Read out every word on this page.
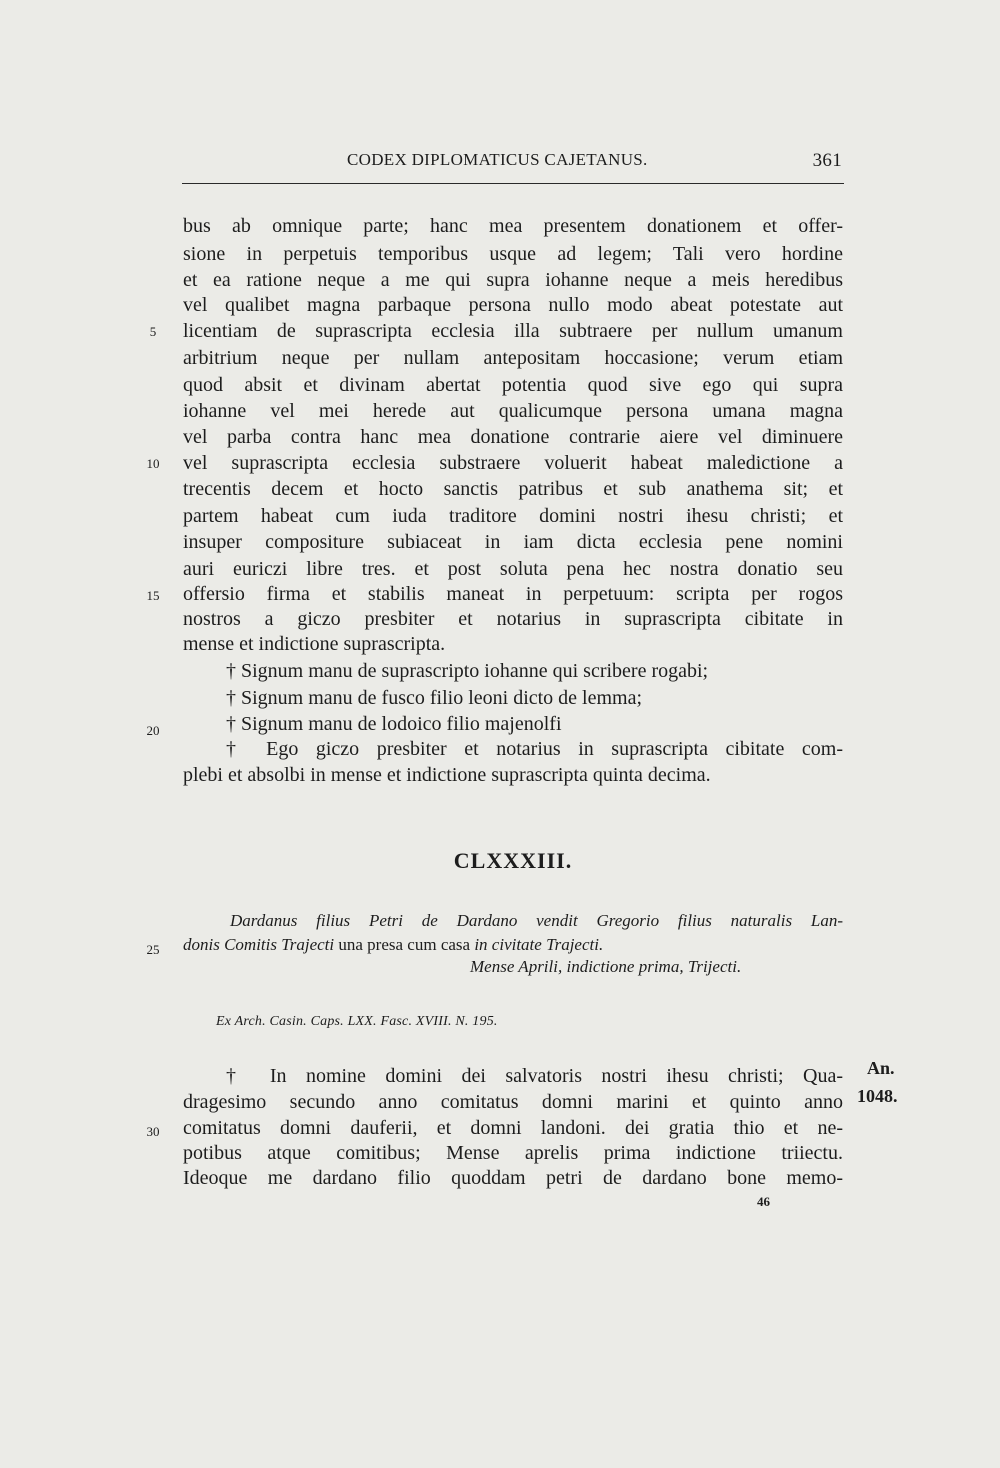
CODEX DIPLOMATICUS CAJETANUS.	361
bus ab omnique parte; hanc mea presentem donationem et offer-
sione in perpetuis temporibus usque ad legem; Tali vero hordine
et ea ratione neque a me qui supra iohanne neque a meis heredibus
vel qualibet magna parbaque persona nullo modo abeat potestate aut
licentiam de suprascripta ecclesia illa subtraere per nullum umanum
arbitrium neque per nullam antepositam hoccasione; verum etiam
quod absit et divinam abertat potentia quod sive ego qui supra
iohanne vel mei herede aut qualicumque persona umana magna
vel parba contra hanc mea donatione contrarie aiere vel diminuere
vel suprascripta ecclesia substraere voluerit habeat maledictione a
trecentis decem et hocto sanctis patribus et sub anathema sit; et
partem habeat cum iuda traditore domini nostri ihesu christi; et
insuper compositure subiaceat in iam dicta ecclesia pene nomini
auri euriczi libre tres. et post soluta pena hec nostra donatio seu
offersio firma et stabilis maneat in perpetuum: scripta per rogos
nostros a giczo presbiter et notarius in suprascripta cibitate in
mense et indictione suprascripta.
† Signum manu de suprascripto iohanne qui scribere rogabi;
† Signum manu de fusco filio leoni dicto de lemma;
† Signum manu de lodoico filio majenolfi
† Ego giczo presbiter et notarius in suprascripta cibitate com-
plebi et absolbi in mense et indictione suprascripta quinta decima.
5
10
15
20
25
30
CLXXXIII.
Dardanus filius Petri de Dardano vendit Gregorio filius naturalis Lan-
donis Comitis Trajecti una presa cum casa in civitate Trajecti.
Mense Aprili, indictione prima, Trijecti.
Ex Arch. Casin. Caps. LXX. Fasc. XVIII. N. 195.
† In nomine domini dei salvatoris nostri ihesu christi; Qua-
dragesimo secundo anno comitatus domni marini et quinto anno
comitatus domni dauferii, et domni landoni. dei gratia thio et ne-
potibus atque comitibus; Mense aprelis prima indictione triiectu.
Ideoque me dardano filio quoddam petri de dardano bone memo-
An.
1048.
46
